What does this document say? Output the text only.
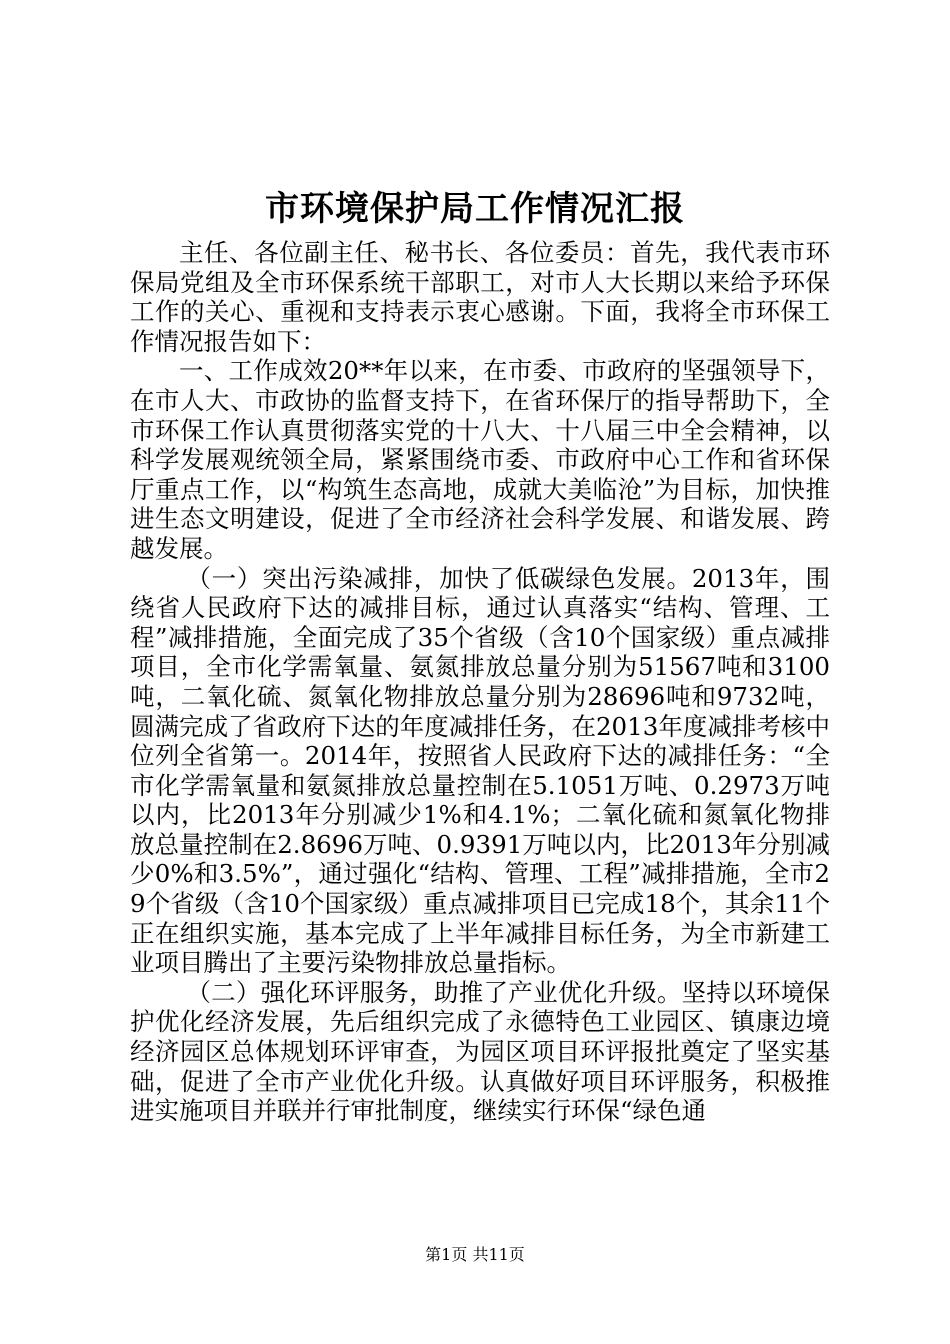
市环境保护局工作情况汇报

主任、各位副主任、秘书长、各位委员：首先，我代表市环保局党组及全市环保系统干部职工，对市人大长期以来给予环保工作的关心、重视和支持表示衷心感谢。下面，我将全市环保工作情况报告如下：

一、工作成效20**年以来，在市委、市政府的坚强领导下，在市人大、市政协的监督支持下，在省环保厅的指导帮助下，全市环保工作认真贯彻落实党的十八大、十八届三中全会精神，以科学发展观统领全局，紧紧围绕市委、市政府中心工作和省环保厅重点工作，以“构筑生态高地，成就大美临沧”为目标，加快推进生态文明建设，促进了全市经济社会科学发展、和谐发展、跨越发展。

（一）突出污染减排，加快了低碳绿色发展。2013年，围绕省人民政府下达的减排目标，通过认真落实“结构、管理、工程”减排措施，全面完成了35个省级（含10个国家级）重点减排项目，全市化学需氧量、氨氮排放总量分别为51567吨和3100吨，二氧化硫、氮氧化物排放总量分别为28696吨和9732吨，圆满完成了省政府下达的年度减排任务，在2013年度减排考核中位列全省第一。2014年，按照省人民政府下达的减排任务：“全市化学需氧量和氨氮排放总量控制在5.1051万吨、0.2973万吨以内，比2013年分别减少1%和4.1%；二氧化硫和氮氧化物排放总量控制在2.8696万吨、0.9391万吨以内，比2013年分别减少0%和3.5%”，通过强化“结构、管理、工程”减排措施，全市29个省级（含10个国家级）重点减排项目已完成18个，其余11个正在组织实施，基本完成了上半年减排目标任务，为全市新建工业项目腾出了主要污染物排放总量指标。

（二）强化环评服务，助推了产业优化升级。坚持以环境保护优化经济发展，先后组织完成了永德特色工业园区、镇康边境经济园区总体规划环评审查，为园区项目环评报批奠定了坚实基础，促进了全市产业优化升级。认真做好项目环评服务，积极推进实施项目并联并行审批制度，继续实行环保“绿色通

第1页 共11页
